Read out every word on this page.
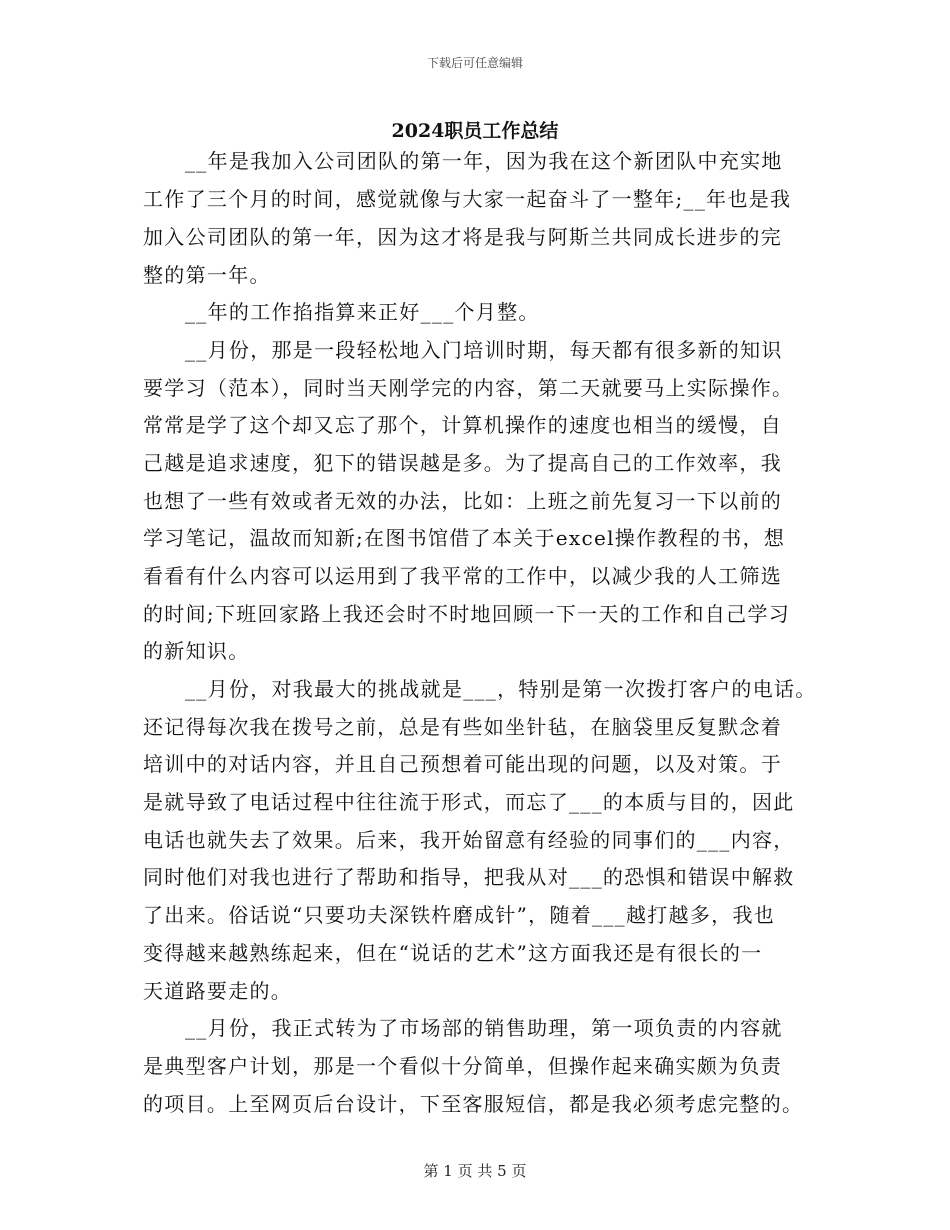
下载后可任意编辑
2024职员工作总结
__年是我加入公司团队的第一年，因为我在这个新团队中充实地
工作了三个月的时间，感觉就像与大家一起奋斗了一整年;__年也是我
加入公司团队的第一年，因为这才将是我与阿斯兰共同成长进步的完
整的第一年。
__年的工作掐指算来正好___个月整。
__月份，那是一段轻松地入门培训时期，每天都有很多新的知识
要学习（范本），同时当天刚学完的内容，第二天就要马上实际操作。
常常是学了这个却又忘了那个，计算机操作的速度也相当的缓慢，自
己越是追求速度，犯下的错误越是多。为了提高自己的工作效率，我
也想了一些有效或者无效的办法，比如：上班之前先复习一下以前的
学习笔记，温故而知新;在图书馆借了本关于excel操作教程的书，想
看看有什么内容可以运用到了我平常的工作中，以减少我的人工筛选
的时间;下班回家路上我还会时不时地回顾一下一天的工作和自己学习
的新知识。
__月份，对我最大的挑战就是___，特别是第一次拨打客户的电话。
还记得每次我在拨号之前，总是有些如坐针毡，在脑袋里反复默念着
培训中的对话内容，并且自己预想着可能出现的问题，以及对策。于
是就导致了电话过程中往往流于形式，而忘了___的本质与目的，因此
电话也就失去了效果。后来，我开始留意有经验的同事们的___内容，
同时他们对我也进行了帮助和指导，把我从对___的恐惧和错误中解救
了出来。俗话说“只要功夫深铁杵磨成针”，随着___越打越多，我也
变得越来越熟练起来，但在“说话的艺术”这方面我还是有很长的一
天道路要走的。
__月份，我正式转为了市场部的销售助理，第一项负责的内容就
是典型客户计划，那是一个看似十分简单，但操作起来确实颇为负责
的项目。上至网页后台设计，下至客服短信，都是我必须考虑完整的。
第 1 页 共 5 页
